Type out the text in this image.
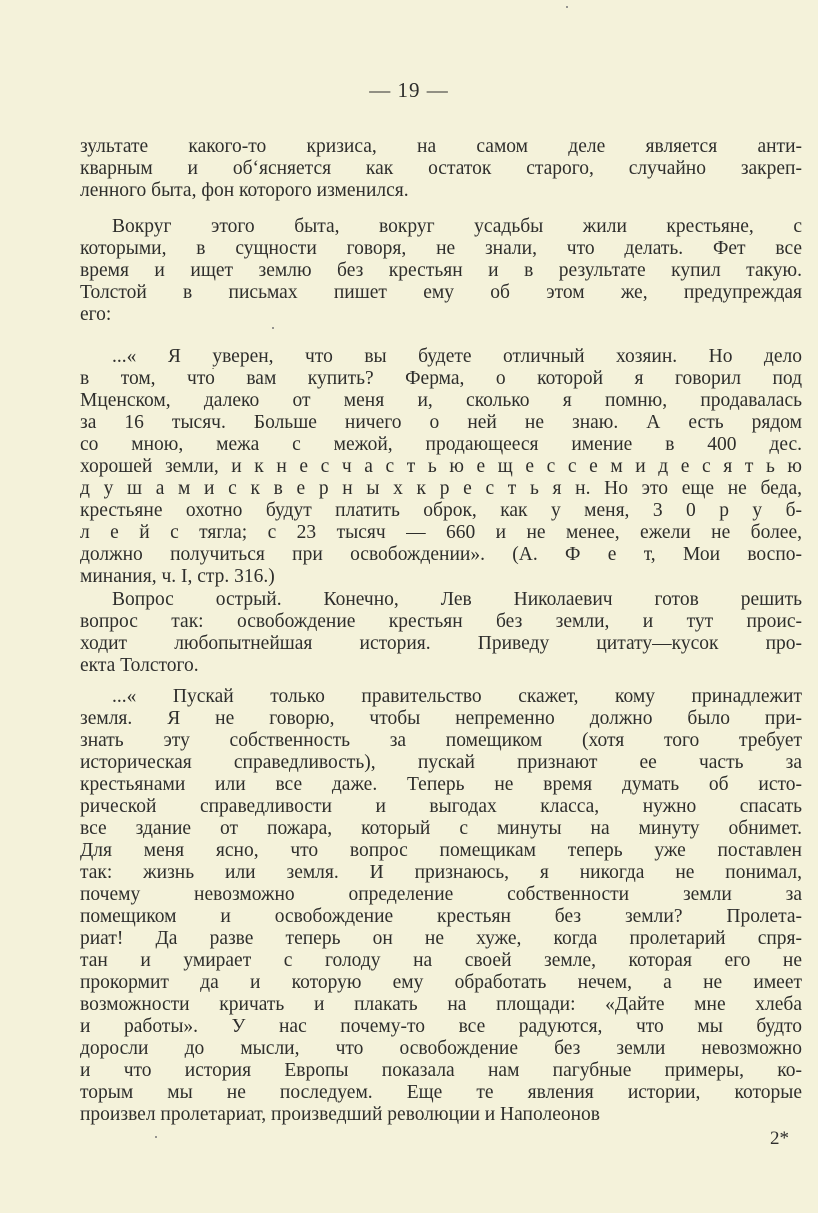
— 19 —
зультате какого-то кризиса, на самом деле является анти-
кварным и об‘ясняется как остаток старого, случайно закреп-
ленного быта, фон которого изменился.
Вокруг этого быта, вокруг усадьбы жили крестьяне, с
которыми, в сущности говоря, не знали, что делать. Фет все
время и ищет землю без крестьян и в результате купил такую.
Толстой в письмах пишет ему об этом же, предупреждая
его:
...« Я уверен, что вы будете отличный хозяин. Но дело
в том, что̀ вам купить? Ферма, о которой я говорил под
Мценском, далеко от меня и, сколько я помню, продавалась
за 16 тысяч. Больше ничего о ней не знаю. А есть рядом
со мною, межа с межой, продающееся имение в 400 дес.
хорошей земли, и к н е с ч а с т ь ю е щ е с с е м и д е с я т ь ю
д у ш а м и с к в е р н ы х к р е с т ь я н. Но это еще не беда,
крестьяне охотно будут платить оброк, как у меня, 3 0 р у б-
л е й с тягла; с 23 тысяч — 660 и не менее, ежели не более,
должно получиться при освобождении». (А. Ф е т, Мои воспо-
минания, ч. I, стр. 316.)
Вопрос острый. Конечно, Лев Николаевич готов решить
вопрос так: освобождение крестьян без земли, и тут проис-
ходит любопытнейшая история. Приведу цитату—кусок про-
екта Толстого.
...« Пускай только правительство скажет, кому принадлежит
земля. Я не говорю, чтобы непременно должно было при-
знать эту собственность за помещиком (хотя того требует
историческая справедливость), пускай признают ее часть за
крестьянами или все даже. Теперь не время думать об исто-
рической справедливости и выгодах класса, нужно спасать
все здание от пожара, который с минуты на минуту обнимет.
Для меня ясно, что вопрос помещикам теперь уже поставлен
так: жизнь или земля. И признаюсь, я никогда не понимал,
почему невозможно определение собственности земли за
помещиком и освобождение крестьян без земли? Пролета-
риат! Да разве теперь он не хуже, когда пролетарий спря-
тан и умирает с голоду на своей земле, которая его не
прокормит да и которую ему обработать нечем, а не имеет
возможности кричать и плакать на площади: «Дайте мне хлеба
и работы». У нас почему-то все радуются, что мы будто
доросли до мысли, что освобождение без земли невозможно
и что история Европы показала нам пагубные примеры, ко-
торым мы не последуем. Еще те явления истории, которые
произвел пролетариат, произведший революции и Наполеонов
2*
